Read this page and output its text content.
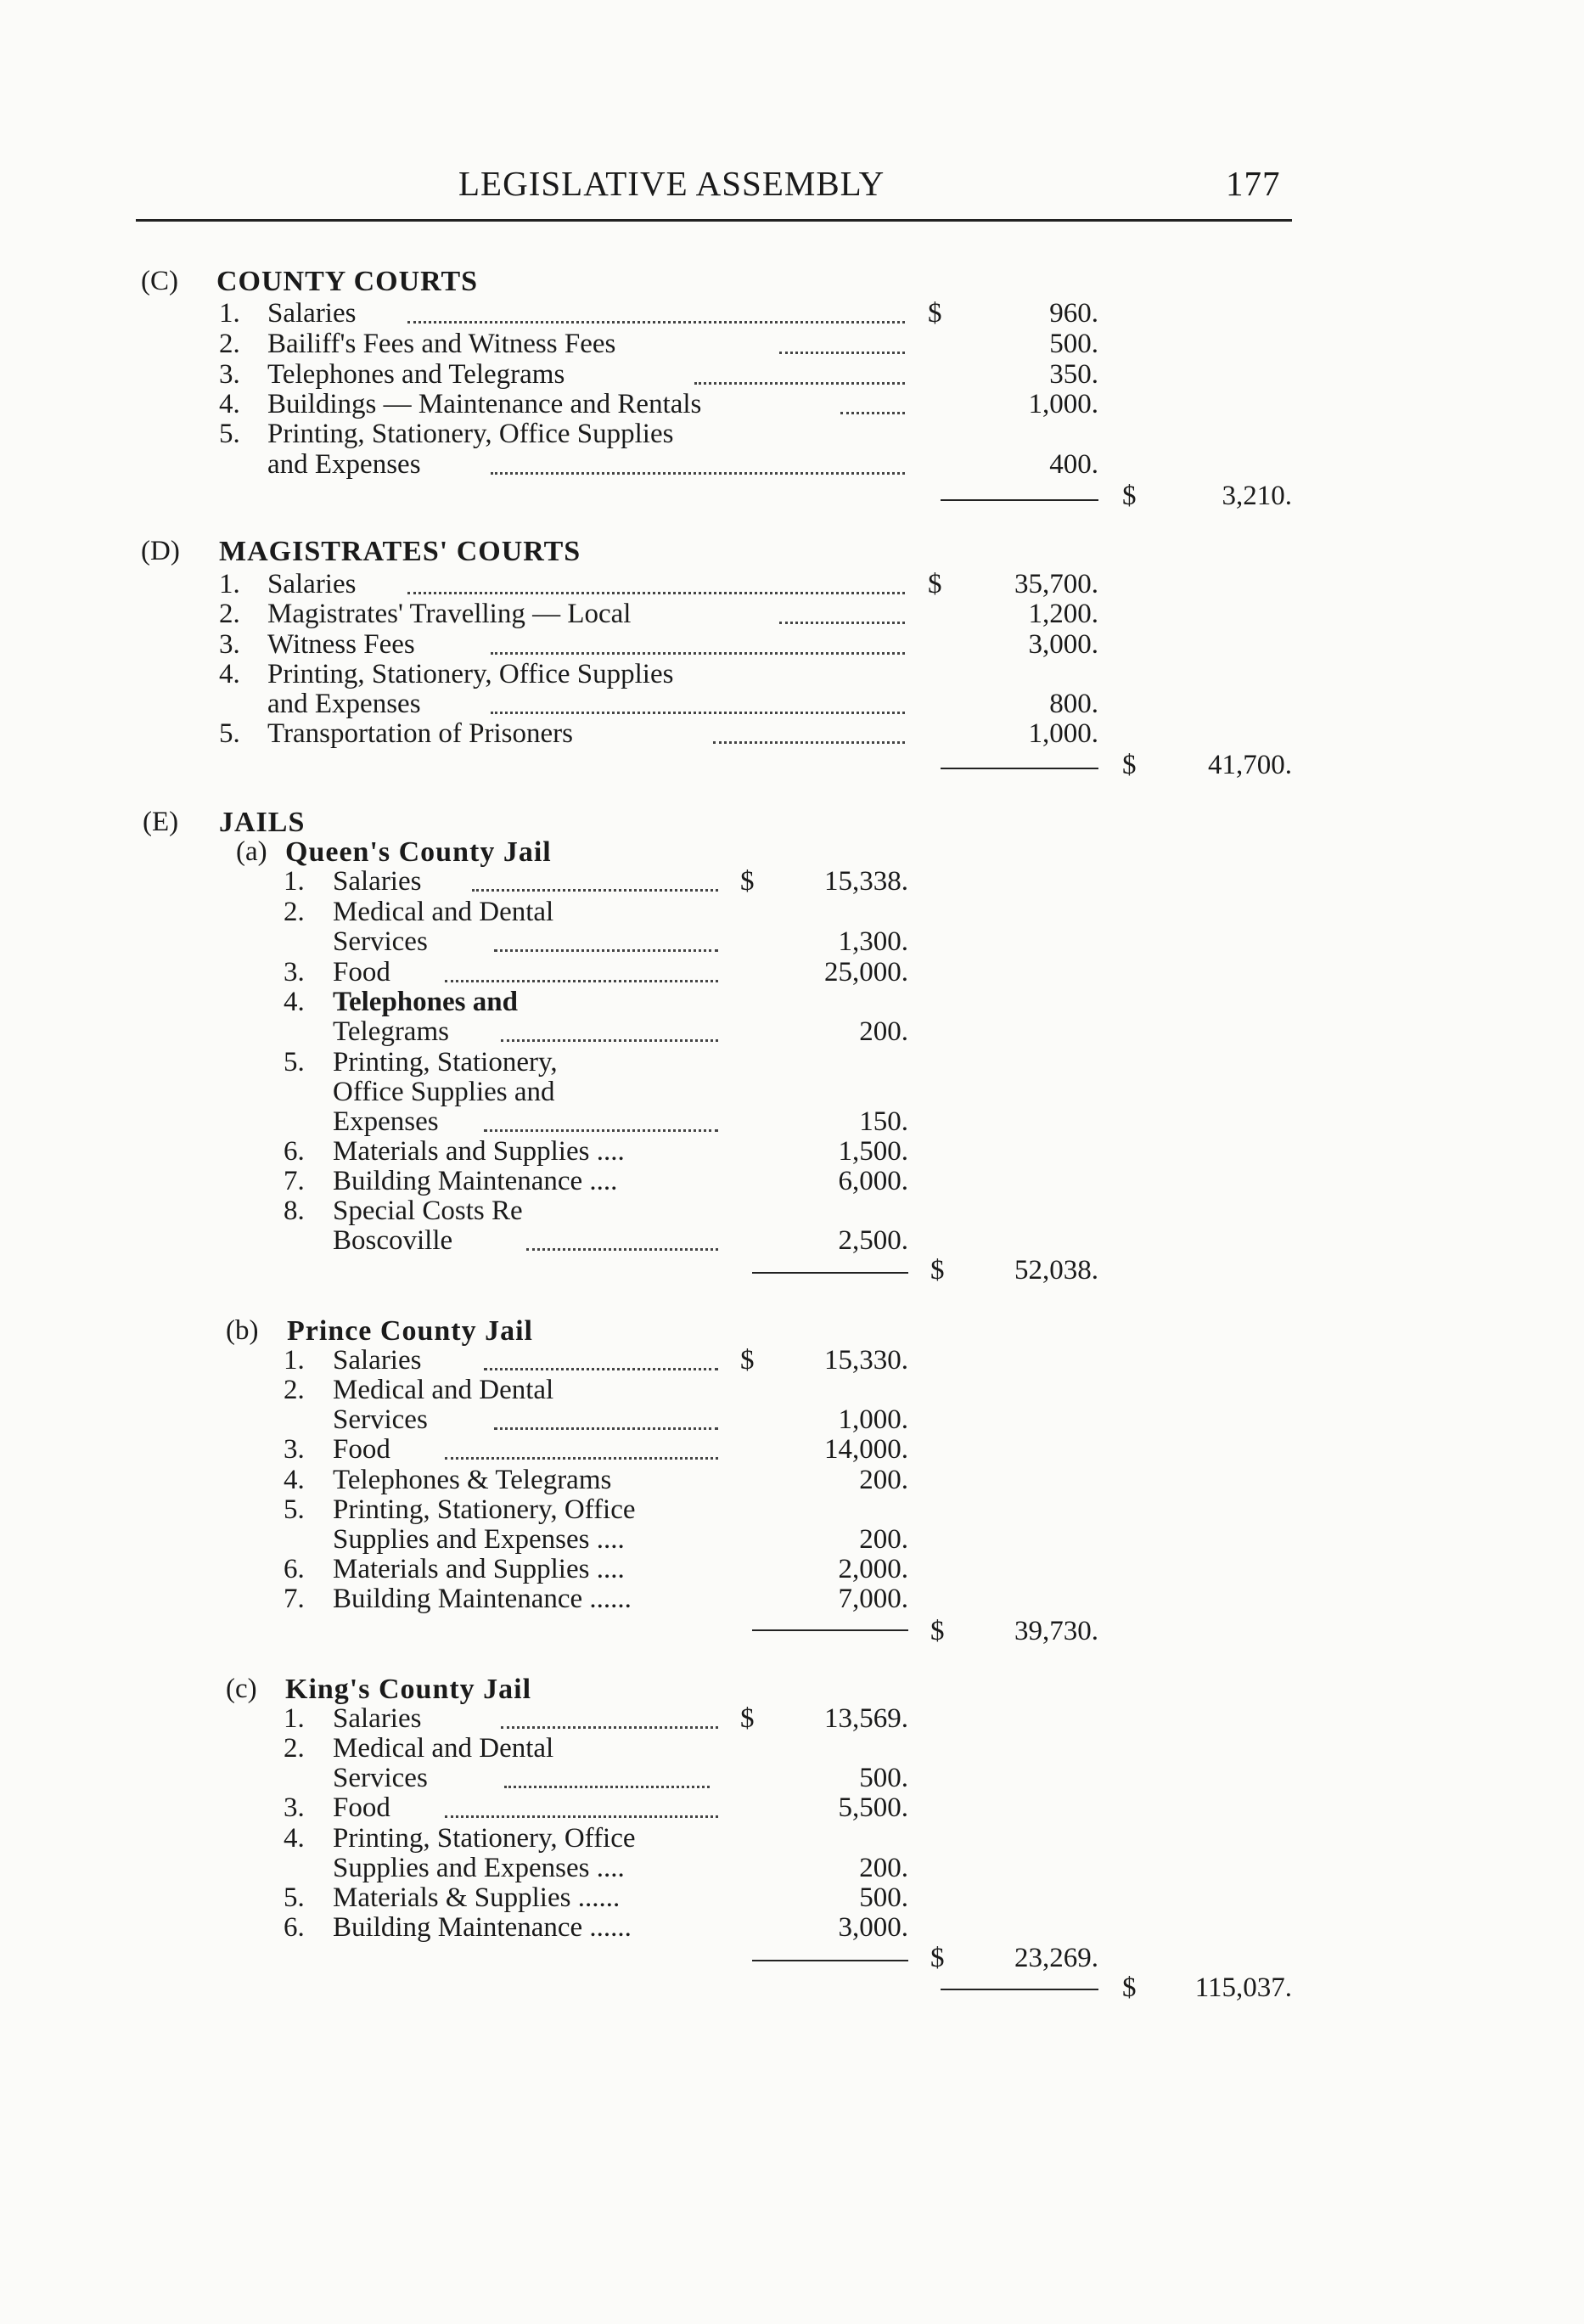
LEGISLATIVE ASSEMBLY	177
(C) COUNTY COURTS
1. Salaries	$	960.
2. Bailiff's Fees and Witness Fees	500.
3. Telephones and Telegrams	350.
4. Buildings — Maintenance and Rentals	1,000.
5. Printing, Stationery, Office Supplies
and Expenses	400.
$	3,210.
(D) MAGISTRATES' COURTS
1. Salaries	$	35,700.
2. Magistrates' Travelling — Local	1,200.
3. Witness Fees	3,000.
4. Printing, Stationery, Office Supplies
and Expenses	800.
5. Transportation of Prisoners	1,000.
$	41,700.
(E) JAILS
(a) Queen's County Jail
1. Salaries	$	15,338.
2. Medical and Dental
Services	1,300.
3. Food	25,000.
4. Telephones and
Telegrams	200.
5. Printing, Stationery,
Office Supplies and
Expenses	150.
6. Materials and Supplies ....	1,500.
7. Building Maintenance ....	6,000.
8. Special Costs Re
Boscoville	2,500.
$	52,038.
(b) Prince County Jail
1. Salaries	$	15,330.
2. Medical and Dental
Services	1,000.
3. Food	14,000.
4. Telephones & Telegrams	200.
5. Printing, Stationery, Office
Supplies and Expenses ....	200.
6. Materials and Supplies ....	2,000.
7. Building Maintenance ......	7,000.
$	39,730.
(c) King's County Jail
1. Salaries	$	13,569.
2. Medical and Dental
Services	500.
3. Food	5,500.
4. Printing, Stationery, Office
Supplies and Expenses ....	200.
5. Materials & Supplies ......	500.
6. Building Maintenance ......	3,000.
$	23,269.
$	115,037.
